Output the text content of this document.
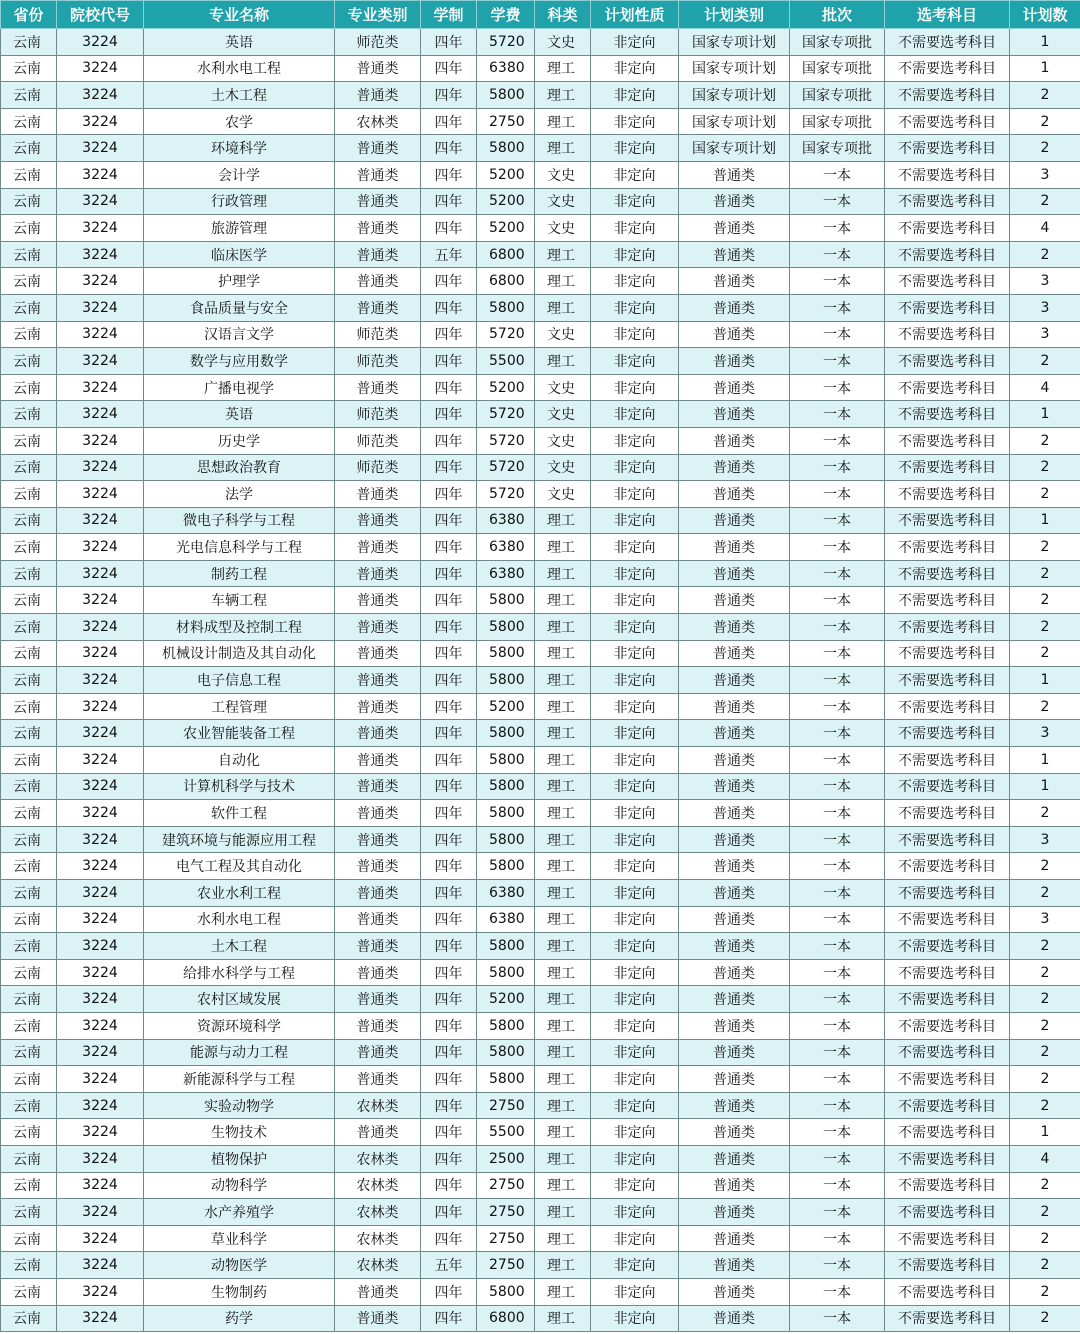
省份	院校代号	专业名称	专业类别	学制	学费	科类	计划性质	计划类别	批次	选考科目	计划数
云南	3224	英语	师范类	四年	5720	文史	非定向	国家专项计划	国家专项批	不需要选考科目	1
云南	3224	水利水电工程	普通类	四年	6380	理工	非定向	国家专项计划	国家专项批	不需要选考科目	1
云南	3224	土木工程	普通类	四年	5800	理工	非定向	国家专项计划	国家专项批	不需要选考科目	2
云南	3224	农学	农林类	四年	2750	理工	非定向	国家专项计划	国家专项批	不需要选考科目	2
云南	3224	环境科学	普通类	四年	5800	理工	非定向	国家专项计划	国家专项批	不需要选考科目	2
云南	3224	会计学	普通类	四年	5200	文史	非定向	普通类	一本	不需要选考科目	3
云南	3224	行政管理	普通类	四年	5200	文史	非定向	普通类	一本	不需要选考科目	2
云南	3224	旅游管理	普通类	四年	5200	文史	非定向	普通类	一本	不需要选考科目	4
云南	3224	临床医学	普通类	五年	6800	理工	非定向	普通类	一本	不需要选考科目	2
云南	3224	护理学	普通类	四年	6800	理工	非定向	普通类	一本	不需要选考科目	3
云南	3224	食品质量与安全	普通类	四年	5800	理工	非定向	普通类	一本	不需要选考科目	3
云南	3224	汉语言文学	师范类	四年	5720	文史	非定向	普通类	一本	不需要选考科目	3
云南	3224	数学与应用数学	师范类	四年	5500	理工	非定向	普通类	一本	不需要选考科目	2
云南	3224	广播电视学	普通类	四年	5200	文史	非定向	普通类	一本	不需要选考科目	4
云南	3224	英语	师范类	四年	5720	文史	非定向	普通类	一本	不需要选考科目	1
云南	3224	历史学	师范类	四年	5720	文史	非定向	普通类	一本	不需要选考科目	2
云南	3224	思想政治教育	师范类	四年	5720	文史	非定向	普通类	一本	不需要选考科目	2
云南	3224	法学	普通类	四年	5720	文史	非定向	普通类	一本	不需要选考科目	2
云南	3224	微电子科学与工程	普通类	四年	6380	理工	非定向	普通类	一本	不需要选考科目	1
云南	3224	光电信息科学与工程	普通类	四年	6380	理工	非定向	普通类	一本	不需要选考科目	2
云南	3224	制药工程	普通类	四年	6380	理工	非定向	普通类	一本	不需要选考科目	2
云南	3224	车辆工程	普通类	四年	5800	理工	非定向	普通类	一本	不需要选考科目	2
云南	3224	材料成型及控制工程	普通类	四年	5800	理工	非定向	普通类	一本	不需要选考科目	2
云南	3224	机械设计制造及其自动化	普通类	四年	5800	理工	非定向	普通类	一本	不需要选考科目	2
云南	3224	电子信息工程	普通类	四年	5800	理工	非定向	普通类	一本	不需要选考科目	1
云南	3224	工程管理	普通类	四年	5200	理工	非定向	普通类	一本	不需要选考科目	2
云南	3224	农业智能装备工程	普通类	四年	5800	理工	非定向	普通类	一本	不需要选考科目	3
云南	3224	自动化	普通类	四年	5800	理工	非定向	普通类	一本	不需要选考科目	1
云南	3224	计算机科学与技术	普通类	四年	5800	理工	非定向	普通类	一本	不需要选考科目	1
云南	3224	软件工程	普通类	四年	5800	理工	非定向	普通类	一本	不需要选考科目	2
云南	3224	建筑环境与能源应用工程	普通类	四年	5800	理工	非定向	普通类	一本	不需要选考科目	3
云南	3224	电气工程及其自动化	普通类	四年	5800	理工	非定向	普通类	一本	不需要选考科目	2
云南	3224	农业水利工程	普通类	四年	6380	理工	非定向	普通类	一本	不需要选考科目	2
云南	3224	水利水电工程	普通类	四年	6380	理工	非定向	普通类	一本	不需要选考科目	3
云南	3224	土木工程	普通类	四年	5800	理工	非定向	普通类	一本	不需要选考科目	2
云南	3224	给排水科学与工程	普通类	四年	5800	理工	非定向	普通类	一本	不需要选考科目	2
云南	3224	农村区域发展	普通类	四年	5200	理工	非定向	普通类	一本	不需要选考科目	2
云南	3224	资源环境科学	普通类	四年	5800	理工	非定向	普通类	一本	不需要选考科目	2
云南	3224	能源与动力工程	普通类	四年	5800	理工	非定向	普通类	一本	不需要选考科目	2
云南	3224	新能源科学与工程	普通类	四年	5800	理工	非定向	普通类	一本	不需要选考科目	2
云南	3224	实验动物学	农林类	四年	2750	理工	非定向	普通类	一本	不需要选考科目	2
云南	3224	生物技术	普通类	四年	5500	理工	非定向	普通类	一本	不需要选考科目	1
云南	3224	植物保护	农林类	四年	2500	理工	非定向	普通类	一本	不需要选考科目	4
云南	3224	动物科学	农林类	四年	2750	理工	非定向	普通类	一本	不需要选考科目	2
云南	3224	水产养殖学	农林类	四年	2750	理工	非定向	普通类	一本	不需要选考科目	2
云南	3224	草业科学	农林类	四年	2750	理工	非定向	普通类	一本	不需要选考科目	2
云南	3224	动物医学	农林类	五年	2750	理工	非定向	普通类	一本	不需要选考科目	2
云南	3224	生物制药	普通类	四年	5800	理工	非定向	普通类	一本	不需要选考科目	2
云南	3224	药学	普通类	四年	6800	理工	非定向	普通类	一本	不需要选考科目	2
